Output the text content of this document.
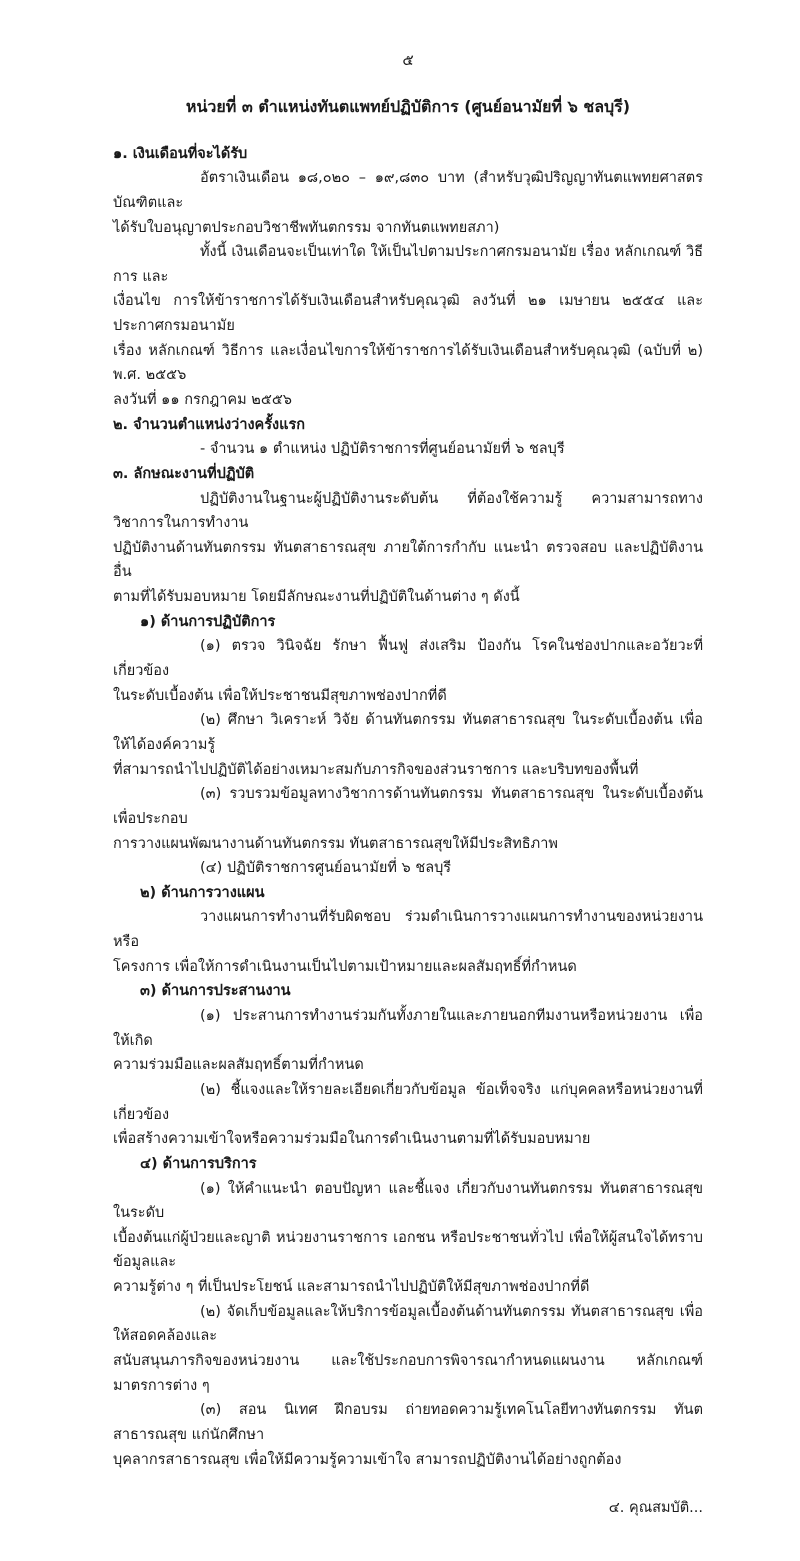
๕
หน่วยที่ ๓ ตำแหน่งทันตแพทย์ปฏิบัติการ (ศูนย์อนามัยที่ ๖ ชลบุรี)
๑. เงินเดือนที่จะได้รับ
อัตราเงินเดือน ๑๘,๐๒๐ – ๑๙,๘๓๐ บาท (สำหรับวุฒิปริญญาทันตแพทยศาสตรบัณฑิตและ
ได้รับใบอนุญาตประกอบวิชาชีพทันตกรรม จากทันตแพทยสภา)
ทั้งนี้ เงินเดือนจะเป็นเท่าใด ให้เป็นไปตามประกาศกรมอนามัย เรื่อง หลักเกณฑ์ วิธีการ และ
เงื่อนไข การให้ข้าราชการได้รับเงินเดือนสำหรับคุณวุฒิ ลงวันที่ ๒๑ เมษายน ๒๕๕๔ และประกาศกรมอนามัย
เรื่อง หลักเกณฑ์ วิธีการ และเงื่อนไขการให้ข้าราชการได้รับเงินเดือนสำหรับคุณวุฒิ (ฉบับที่ ๒) พ.ศ. ๒๕๕๖
ลงวันที่ ๑๑ กรกฎาคม ๒๕๕๖
๒. จำนวนตำแหน่งว่างครั้งแรก
- จำนวน ๑ ตำแหน่ง ปฏิบัติราชการที่ศูนย์อนามัยที่ ๖ ชลบุรี
๓. ลักษณะงานที่ปฏิบัติ
ปฏิบัติงานในฐานะผู้ปฏิบัติงานระดับต้น ที่ต้องใช้ความรู้ ความสามารถทางวิชาการในการทำงาน
ปฏิบัติงานด้านทันตกรรม ทันตสาธารณสุข ภายใต้การกำกับ แนะนำ ตรวจสอบ และปฏิบัติงานอื่น
ตามที่ได้รับมอบหมาย โดยมีลักษณะงานที่ปฏิบัติในด้านต่าง ๆ ดังนี้
๑) ด้านการปฏิบัติการ
(๑) ตรวจ วินิจฉัย รักษา ฟื้นฟู ส่งเสริม ป้องกัน โรคในช่องปากและอวัยวะที่เกี่ยวข้อง
ในระดับเบื้องต้น เพื่อให้ประชาชนมีสุขภาพช่องปากที่ดี
(๒) ศึกษา วิเคราะห์ วิจัย ด้านทันตกรรม ทันตสาธารณสุข ในระดับเบื้องต้น เพื่อให้ได้องค์ความรู้
ที่สามารถนำไปปฏิบัติได้อย่างเหมาะสมกับภารกิจของส่วนราชการ และบริบทของพื้นที่
(๓) รวบรวมข้อมูลทางวิชาการด้านทันตกรรม ทันตสาธารณสุข ในระดับเบื้องต้นเพื่อประกอบ
การวางแผนพัฒนางานด้านทันตกรรม ทันตสาธารณสุขให้มีประสิทธิภาพ
(๔) ปฏิบัติราชการศูนย์อนามัยที่ ๖ ชลบุรี
๒) ด้านการวางแผน
วางแผนการทำงานที่รับผิดชอบ ร่วมดำเนินการวางแผนการทำงานของหน่วยงานหรือ
โครงการ เพื่อให้การดำเนินงานเป็นไปตามเป้าหมายและผลสัมฤทธิ์ที่กำหนด
๓) ด้านการประสานงาน
(๑) ประสานการทำงานร่วมกันทั้งภายในและภายนอกทีมงานหรือหน่วยงาน เพื่อให้เกิด
ความร่วมมือและผลสัมฤทธิ์ตามที่กำหนด
(๒) ชี้แจงและให้รายละเอียดเกี่ยวกับข้อมูล ข้อเท็จจริง แก่บุคคลหรือหน่วยงานที่เกี่ยวข้อง
เพื่อสร้างความเข้าใจหรือความร่วมมือในการดำเนินงานตามที่ได้รับมอบหมาย
๔) ด้านการบริการ
(๑) ให้คำแนะนำ ตอบปัญหา และชี้แจง เกี่ยวกับงานทันตกรรม ทันตสาธารณสุข ในระดับ
เบื้องต้นแก่ผู้ป่วยและญาติ หน่วยงานราชการ เอกชน หรือประชาชนทั่วไป เพื่อให้ผู้สนใจได้ทราบข้อมูลและ
ความรู้ต่าง ๆ ที่เป็นประโยชน์ และสามารถนำไปปฏิบัติให้มีสุขภาพช่องปากที่ดี
(๒) จัดเก็บข้อมูลและให้บริการข้อมูลเบื้องต้นด้านทันตกรรม ทันตสาธารณสุข เพื่อให้สอดคล้องและ
สนับสนุนภารกิจของหน่วยงาน และใช้ประกอบการพิจารณากำหนดแผนงาน หลักเกณฑ์ มาตรการต่าง ๆ
(๓) สอน นิเทศ ฝึกอบรม ถ่ายทอดความรู้เทคโนโลยีทางทันตกรรม ทันตสาธารณสุข แก่นักศึกษา
บุคลากรสาธารณสุข เพื่อให้มีความรู้ความเข้าใจ สามารถปฏิบัติงานได้อย่างถูกต้อง
๔. คุณสมบัติ...
